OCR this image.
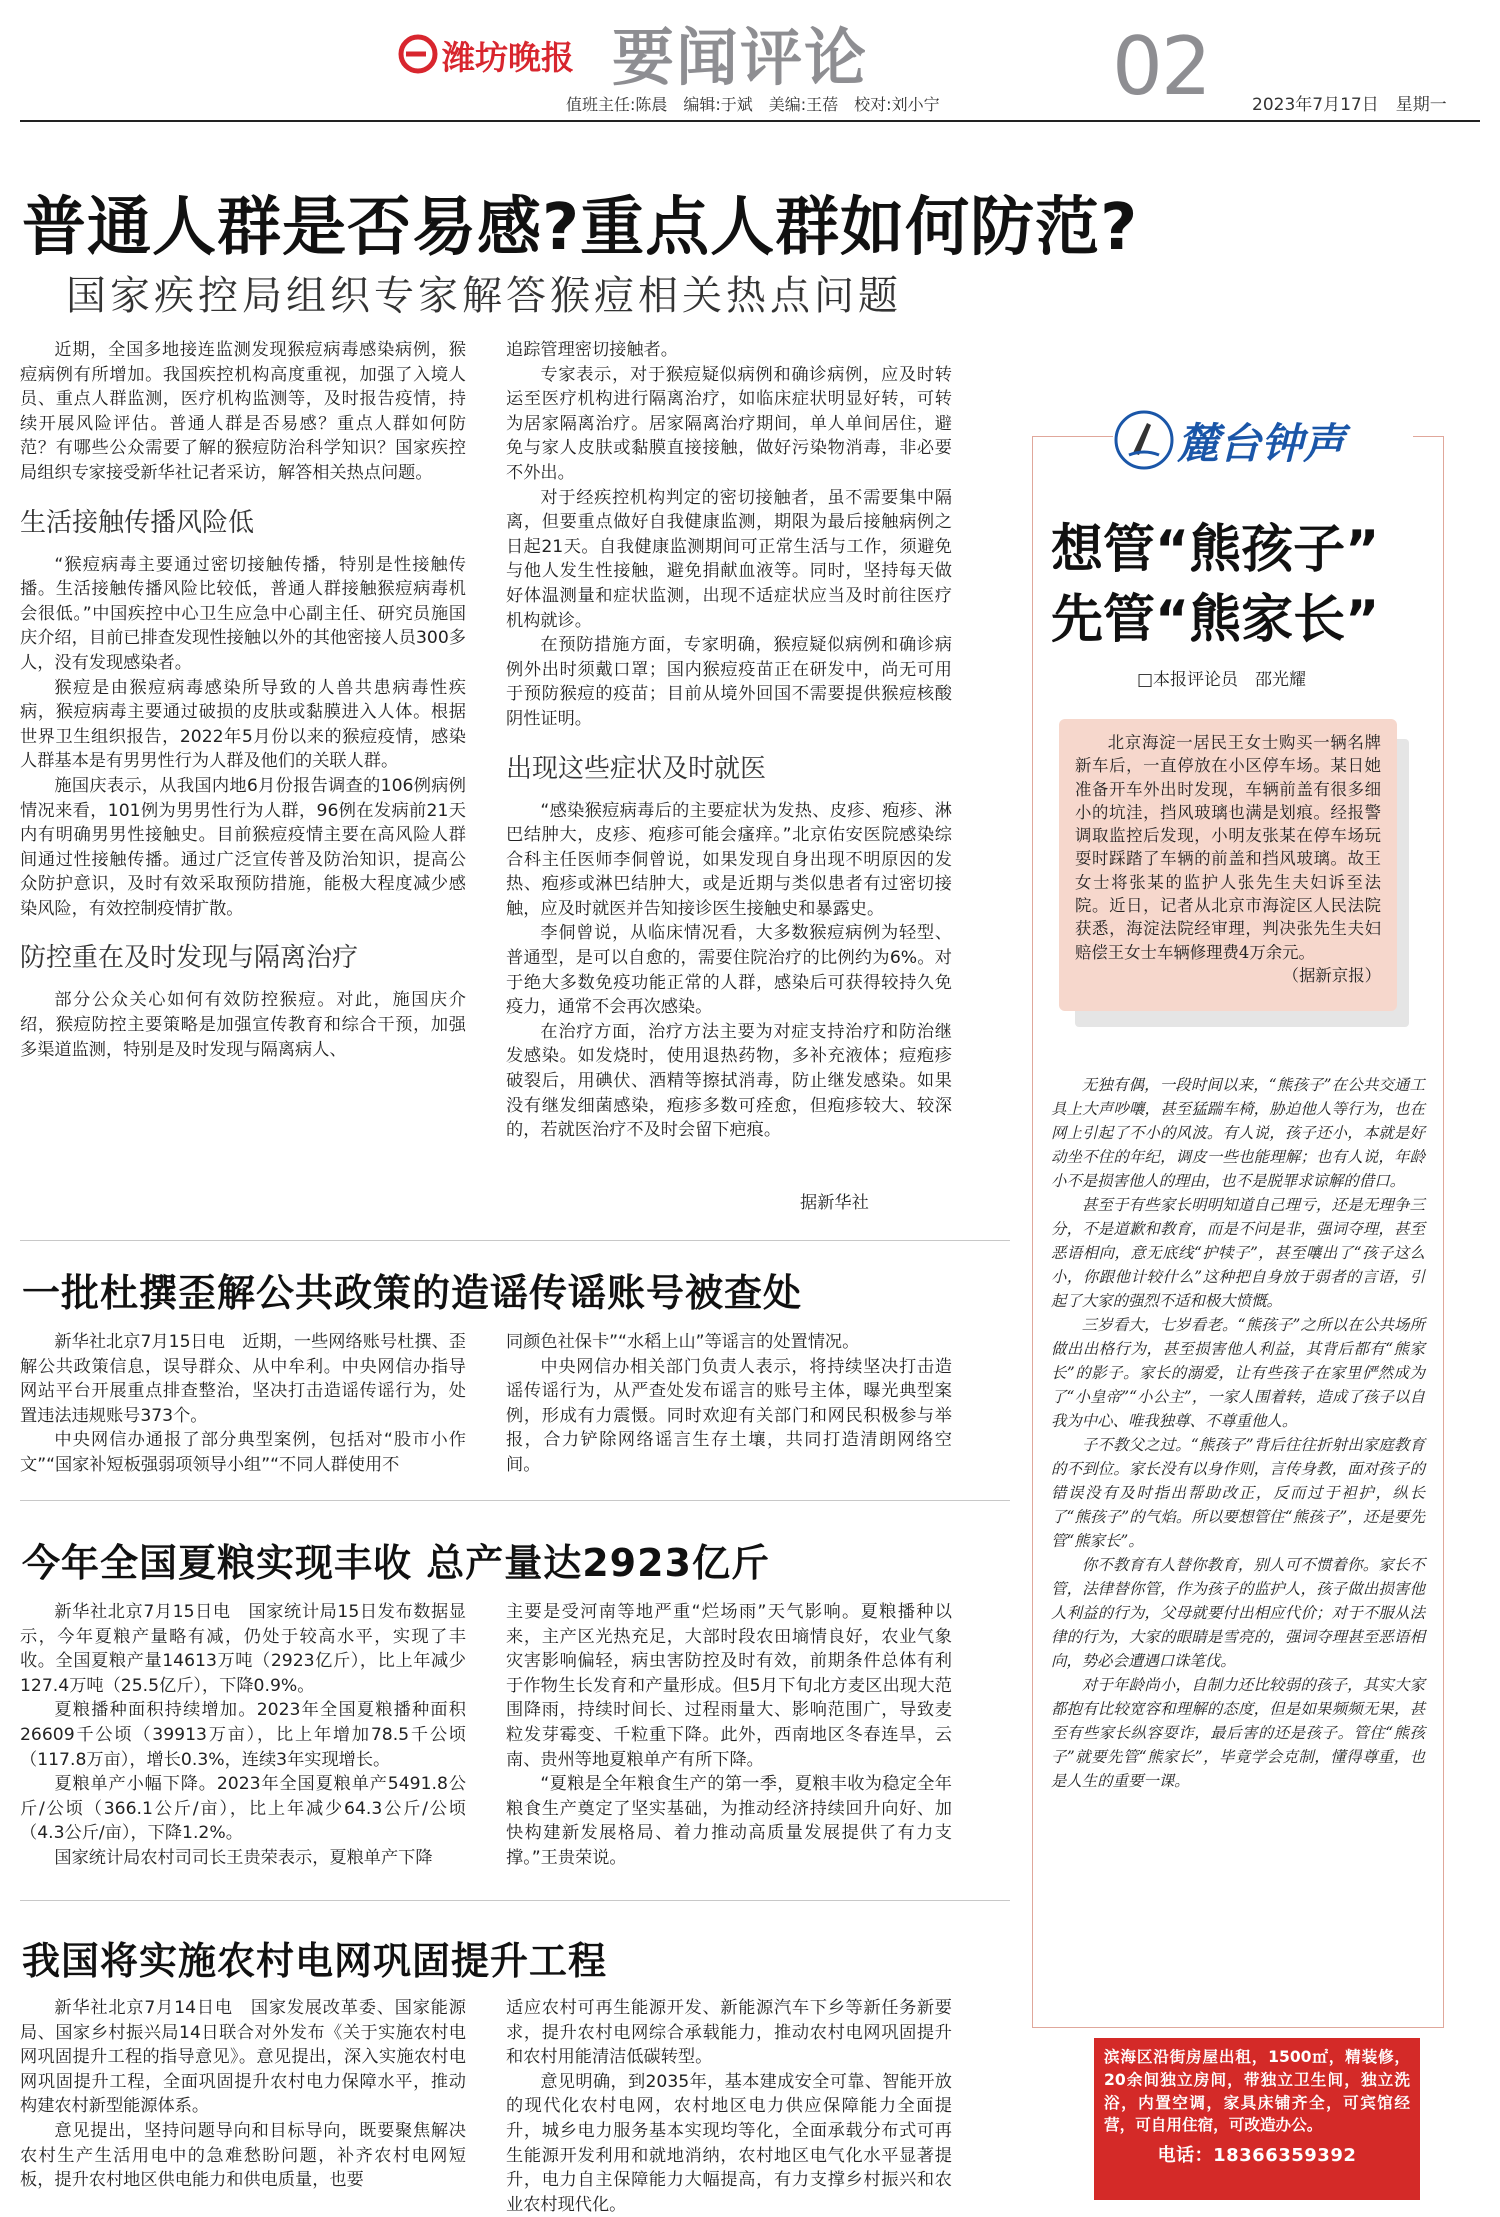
潍坊晚报 要闻评论	02 2023年7月17日　 星期一
值班主任:陈晨　编辑:于斌　美编:王蓓　校对:刘小宁
普通人群是否易感?重点人群如何防范?
国家疾控局组织专家解答猴痘相关热点问题

近期，全国多地接连监测发现猴痘病毒感染病例，猴痘病例有所增加。我国疾控机构高度重视，加强了入境人员、重点人群监测，医疗机构监测等，及时报告疫情，持续开展风险评估。普通人群是否易感？重点人群如何防范？有哪些公众需要了解的猴痘防治科学知识？国家疾控局组织专家接受新华社记者采访，解答相关热点问题。

生活接触传播风险低

“猴痘病毒主要通过密切接触传播，特别是性接触传播。生活接触传播风险比较低，普通人群接触猴痘病毒机会很低。”中国疾控中心卫生应急中心副主任、研究员施国庆介绍，目前已排查发现性接触以外的其他密接人员300多人，没有发现感染者。

猴痘是由猴痘病毒感染所导致的人兽共患病毒性疾病，猴痘病毒主要通过破损的皮肤或黏膜进入人体。根据世界卫生组织报告，2022年5月份以来的猴痘疫情，感染人群基本是有男男性行为人群及他们的关联人群。

施国庆表示，从我国内地6月份报告调查的106例病例情况来看，101例为男男性行为人群，96例在发病前21天内有明确男男性接触史。目前猴痘疫情主要在高风险人群间通过性接触传播。通过广泛宣传普及防治知识，提高公众防护意识，及时有效采取预防措施，能极大程度减少感染风险，有效控制疫情扩散。

防控重在及时发现与隔离治疗

部分公众关心如何有效防控猴痘。对此，施国庆介绍，猴痘防控主要策略是加强宣传教育和综合干预，加强多渠道监测，特别是及时发现与隔离病人、

追踪管理密切接触者。

专家表示，对于猴痘疑似病例和确诊病例，应及时转运至医疗机构进行隔离治疗，如临床症状明显好转，可转为居家隔离治疗。居家隔离治疗期间，单人单间居住，避免与家人皮肤或黏膜直接接触，做好污染物消毒，非必要不外出。

对于经疾控机构判定的密切接触者，虽不需要集中隔离，但要重点做好自我健康监测，期限为最后接触病例之日起21天。自我健康监测期间可正常生活与工作，须避免与他人发生性接触，避免捐献血液等。同时，坚持每天做好体温测量和症状监测，出现不适症状应当及时前往医疗机构就诊。

在预防措施方面，专家明确，猴痘疑似病例和确诊病例外出时须戴口罩；国内猴痘疫苗正在研发中，尚无可用于预防猴痘的疫苗；目前从境外回国不需要提供猴痘核酸阴性证明。

出现这些症状及时就医

“感染猴痘病毒后的主要症状为发热、皮疹、疱疹、淋巴结肿大，皮疹、疱疹可能会瘙痒。”北京佑安医院感染综合科主任医师李侗曾说，如果发现自身出现不明原因的发热、疱疹或淋巴结肿大，或是近期与类似患者有过密切接触，应及时就医并告知接诊医生接触史和暴露史。

李侗曾说，从临床情况看，大多数猴痘病例为轻型、普通型，是可以自愈的，需要住院治疗的比例约为6%。对于绝大多数免疫功能正常的人群，感染后可获得较持久免疫力，通常不会再次感染。

在治疗方面，治疗方法主要为对症支持治疗和防治继发感染。如发烧时，使用退热药物，多补充液体；痘疱疹破裂后，用碘伏、酒精等擦拭消毒，防止继发感染。如果没有继发细菌感染，疱疹多数可痊愈，但疱疹较大、较深的，若就医治疗不及时会留下疤痕。

据新华社
一批杜撰歪解公共政策的造谣传谣账号被查处

新华社北京7月15日电　近期，一些网络账号杜撰、歪解公共政策信息，误导群众、从中牟利。中央网信办指导网站平台开展重点排查整治，坚决打击造谣传谣行为，处置违法违规账号373个。

中央网信办通报了部分典型案例，包括对“股市小作文”“国家补短板强弱项领导小组”“不同人群使用不

同颜色社保卡”“水稻上山”等谣言的处置情况。

中央网信办相关部门负责人表示，将持续坚决打击造谣传谣行为，从严查处发布谣言的账号主体，曝光典型案例，形成有力震慑。同时欢迎有关部门和网民积极参与举报，合力铲除网络谣言生存土壤，共同打造清朗网络空间。

今年全国夏粮实现丰收 总产量达2923亿斤

新华社北京7月15日电　国家统计局15日发布数据显示，今年夏粮产量略有减，仍处于较高水平，实现了丰收。全国夏粮产量14613万吨（2923亿斤），比上年减少127.4万吨（25.5亿斤），下降0.9%。

夏粮播种面积持续增加。2023年全国夏粮播种面积26609千公顷（39913万亩），比上年增加78.5千公顷（117.8万亩），增长0.3%，连续3年实现增长。

夏粮单产小幅下降。2023年全国夏粮单产5491.8公斤/公顷（366.1公斤/亩），比上年减少64.3公斤/公顷（4.3公斤/亩），下降1.2%。

国家统计局农村司司长王贵荣表示，夏粮单产下降

主要是受河南等地严重“烂场雨”天气影响。夏粮播种以来，主产区光热充足，大部时段农田墒情良好，农业气象灾害影响偏轻，病虫害防控及时有效，前期条件总体有利于作物生长发育和产量形成。但5月下旬北方麦区出现大范围降雨，持续时间长、过程雨量大、影响范围广，导致麦粒发芽霉变、千粒重下降。此外，西南地区冬春连旱，云南、贵州等地夏粮单产有所下降。

“夏粮是全年粮食生产的第一季，夏粮丰收为稳定全年粮食生产奠定了坚实基础，为推动经济持续回升向好、加快构建新发展格局、着力推动高质量发展提供了有力支撑。”王贵荣说。

我国将实施农村电网巩固提升工程

新华社北京7月14日电　国家发展改革委、国家能源局、国家乡村振兴局14日联合对外发布《关于实施农村电网巩固提升工程的指导意见》。意见提出，深入实施农村电网巩固提升工程，全面巩固提升农村电力保障水平，推动构建农村新型能源体系。

意见提出，坚持问题导向和目标导向，既要聚焦解决农村生产生活用电中的急难愁盼问题，补齐农村电网短板，提升农村地区供电能力和供电质量，也要

适应农村可再生能源开发、新能源汽车下乡等新任务新要求，提升农村电网综合承载能力，推动农村电网巩固提升和农村用能清洁低碳转型。

意见明确，到2035年，基本建成安全可靠、智能开放的现代化农村电网，农村地区电力供应保障能力全面提升，城乡电力服务基本实现均等化，全面承载分布式可再生能源开发利用和就地消纳，农村地区电气化水平显著提升，电力自主保障能力大幅提高，有力支撑乡村振兴和农业农村现代化。

麓台钟声
想管“熊孩子”
先管“熊家长”
□本报评论员　邵光耀

北京海淀一居民王女士购买一辆名牌新车后，一直停放在小区停车场。某日她准备开车外出时发现，车辆前盖有很多细小的坑洼，挡风玻璃也满是划痕。经报警调取监控后发现，小明友张某在停车场玩耍时踩踏了车辆的前盖和挡风玻璃。故王女士将张某的监护人张先生夫妇诉至法院。近日，记者从北京市海淀区人民法院获悉，海淀法院经审理，判决张先生夫妇赔偿王女士车辆修理费4万余元。

（据新京报）

无独有偶，一段时间以来，“熊孩子”在公共交通工具上大声吵嚷，甚至猛踹车椅，胁迫他人等行为，也在网上引起了不小的风波。有人说，孩子还小，本就是好动坐不住的年纪，调皮一些也能理解；也有人说，年龄小不是损害他人的理由，也不是脱罪求谅解的借口。

甚至于有些家长明明知道自己理亏，还是无理争三分，不是道歉和教育，而是不问是非，强词夺理，甚至恶语相向，意无底线“护犊子”，甚至嚷出了“孩子这么小，你跟他计较什么”这种把自身放于弱者的言语，引起了大家的强烈不适和极大愤慨。

三岁看大，七岁看老。“熊孩子”之所以在公共场所做出出格行为，甚至损害他人利益，其背后都有“熊家长”的影子。家长的溺爱，让有些孩子在家里俨然成为了“小皇帝”“小公主”，一家人围着转，造成了孩子以自我为中心、唯我独尊、不尊重他人。

子不教父之过。“熊孩子”背后往往折射出家庭教育的不到位。家长没有以身作则，言传身教，面对孩子的错误没有及时指出帮助改正，反而过于袒护，纵长了“熊孩子”的气焰。所以要想管住“熊孩子”，还是要先管“熊家长”。

你不教育有人替你教育，别人可不惯着你。家长不管，法律替你管，作为孩子的监护人，孩子做出损害他人利益的行为，父母就要付出相应代价；对于不服从法律的行为，大家的眼睛是雪亮的，强词夺理甚至恶语相向，势必会遭遇口诛笔伐。

对于年龄尚小，自制力还比较弱的孩子，其实大家都抱有比较宽容和理解的态度，但是如果频频无果，甚至有些家长纵容耍诈，最后害的还是孩子。管住“熊孩子”就要先管“熊家长”，毕竟学会克制，懂得尊重，也是人生的重要一课。

滨海区沿街房屋出租，1500㎡，精装修，20余间独立房间，带独立卫生间，独立洗浴，内置空调，家具床铺齐全，可宾馆经营，可自用住宿，可改造办公。

电话：18366359392
